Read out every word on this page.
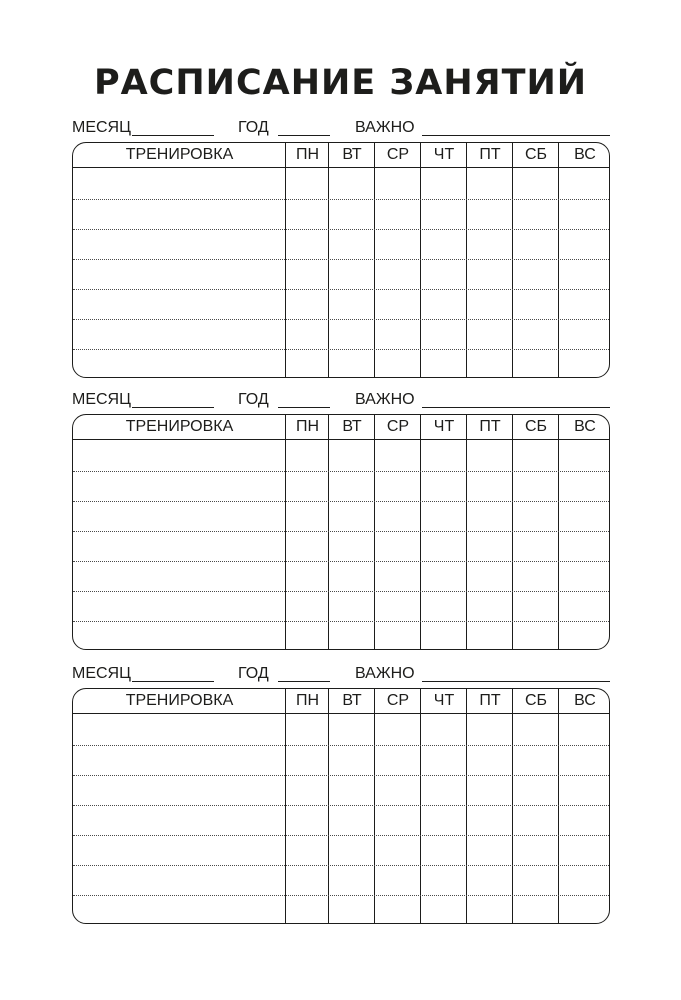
РАСПИСАНИЕ ЗАНЯТИЙ
МЕСЯЦ	ГОД	ВАЖНО
ТРЕНИРОВКА	ПН	ВТ	СР	ЧТ	ПТ	СБ	ВС
МЕСЯЦ	ГОД	ВАЖНО
ТРЕНИРОВКА	ПН	ВТ	СР	ЧТ	ПТ	СБ	ВС
МЕСЯЦ	ГОД	ВАЖНО
ТРЕНИРОВКА	ПН	ВТ	СР	ЧТ	ПТ	СБ	ВС
